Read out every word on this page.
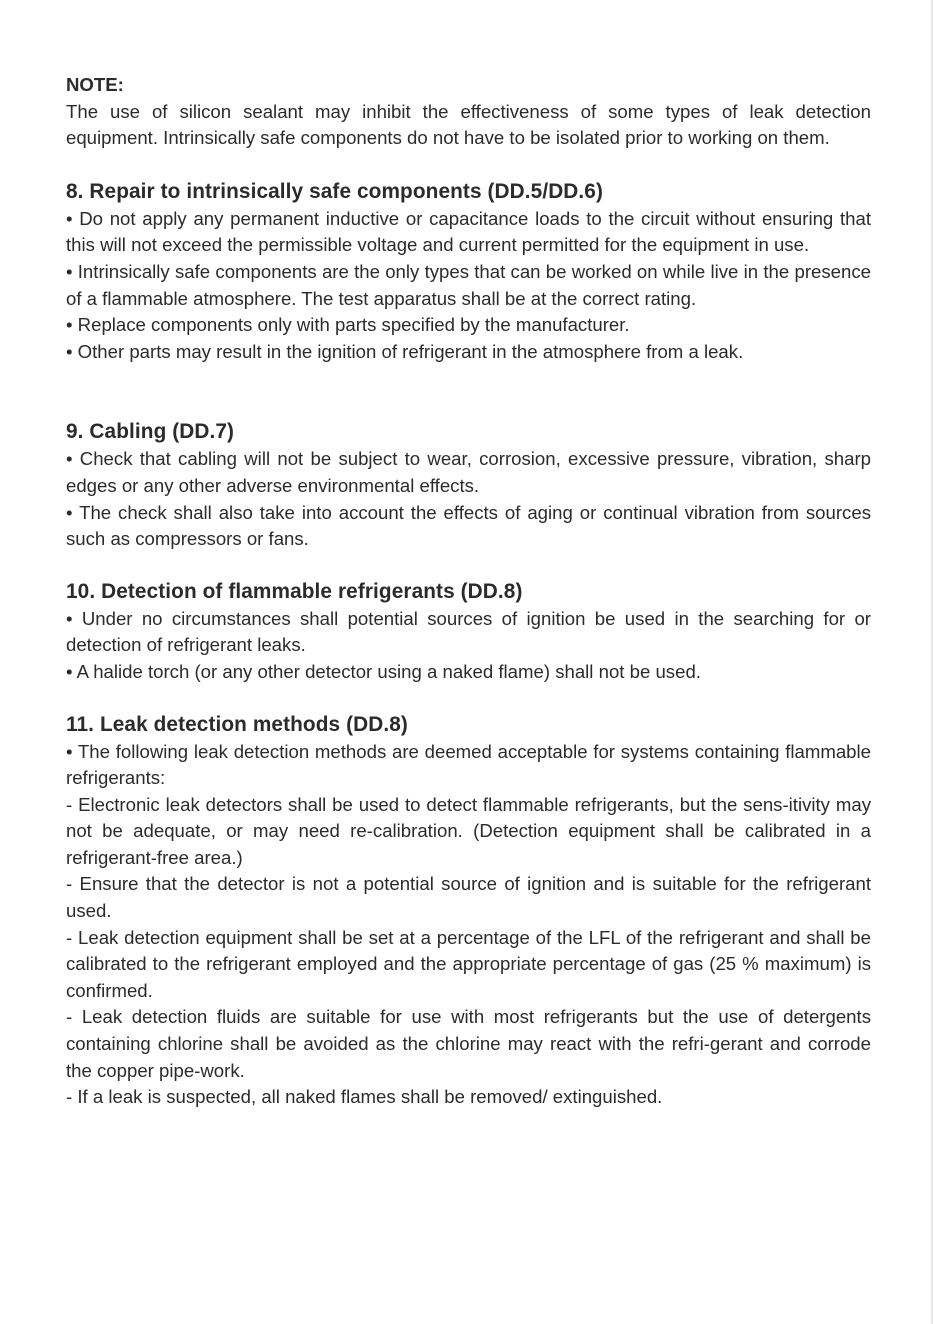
NOTE:

The use of silicon sealant may inhibit the effectiveness of some types of leak detection equipment. Intrinsically safe components do not have to be isolated prior to working on them.

8. Repair to intrinsically safe components (DD.5/DD.6)

• Do not apply any permanent inductive or capacitance loads to the circuit without ensuring that this will not exceed the permissible voltage and current permitted for the equipment in use.

• Intrinsically safe components are the only types that can be worked on while live in the presence of a flammable atmosphere. The test apparatus shall be at the correct rating.

• Replace components only with parts specified by the manufacturer.

• Other parts may result in the ignition of refrigerant in the atmosphere from a leak.

9. Cabling (DD.7)

• Check that cabling will not be subject to wear, corrosion, excessive pressure, vibration, sharp edges or any other adverse environmental effects.

• The check shall also take into account the effects of aging or continual vibration from sources such as compressors or fans.

10. Detection of flammable refrigerants (DD.8)

• Under no circumstances shall potential sources of ignition be used in the searching for or detection of refrigerant leaks.

• A halide torch (or any other detector using a naked flame) shall not be used.

11. Leak detection methods (DD.8)

• The following leak detection methods are deemed acceptable for systems containing flammable refrigerants:

- Electronic leak detectors shall be used to detect flammable refrigerants, but the sens-itivity may not be adequate, or may need re-calibration. (Detection equipment shall be calibrated in a refrigerant-free area.)

- Ensure that the detector is not a potential source of ignition and is suitable for the refrigerant used.

- Leak detection equipment shall be set at a percentage of the LFL of the refrigerant and shall be calibrated to the refrigerant employed and the appropriate percentage of gas (25 % maximum) is confirmed.

- Leak detection fluids are suitable for use with most refrigerants but the use of detergents containing chlorine shall be avoided as the chlorine may react with the refri-gerant and corrode the copper pipe-work.

- If a leak is suspected, all naked flames shall be removed/ extinguished.
